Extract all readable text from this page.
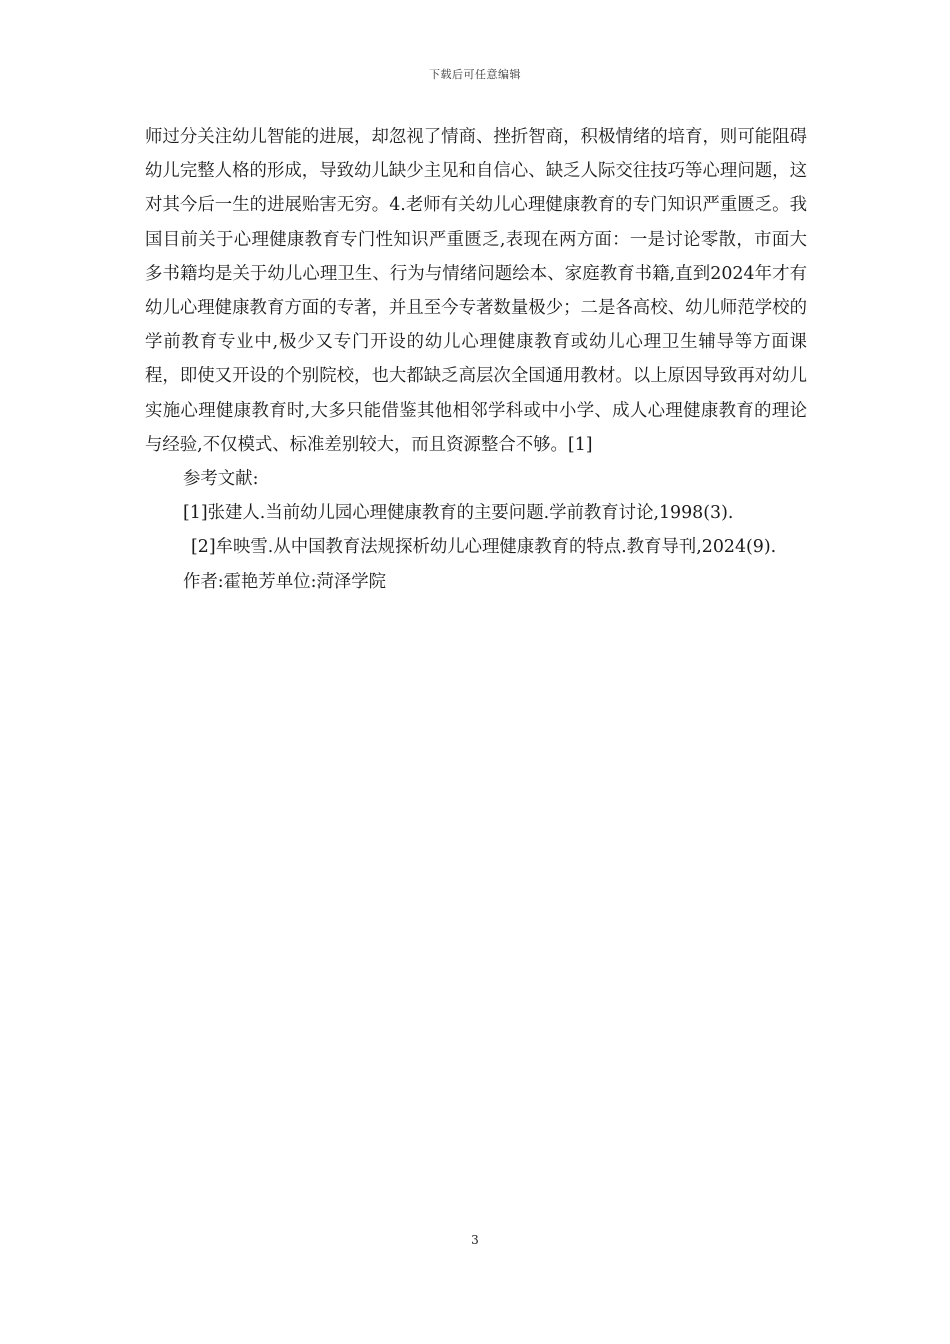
下载后可任意编辑

师过分关注幼儿智能的进展，却忽视了情商、挫折智商，积极情绪的培育，则可能阻碍幼儿完整人格的形成，导致幼儿缺少主见和自信心、缺乏人际交往技巧等心理问题，这对其今后一生的进展贻害无穷。4.老师有关幼儿心理健康教育的专门知识严重匮乏。我国目前关于心理健康教育专门性知识严重匮乏,表现在两方面：一是讨论零散，市面大多书籍均是关于幼儿心理卫生、行为与情绪问题绘本、家庭教育书籍,直到2024年才有幼儿心理健康教育方面的专著，并且至今专著数量极少；二是各高校、幼儿师范学校的学前教育专业中,极少又专门开设的幼儿心理健康教育或幼儿心理卫生辅导等方面课程，即使又开设的个别院校，也大都缺乏高层次全国通用教材。以上原因导致再对幼儿实施心理健康教育时,大多只能借鉴其他相邻学科或中小学、成人心理健康教育的理论与经验,不仅模式、标准差别较大，而且资源整合不够。[1]

参考文献:

[1]张建人.当前幼儿园心理健康教育的主要问题.学前教育讨论,1998(3).

[2]牟映雪.从中国教育法规探析幼儿心理健康教育的特点.教育导刊,2024(9).

作者:霍艳芳单位:菏泽学院

3
